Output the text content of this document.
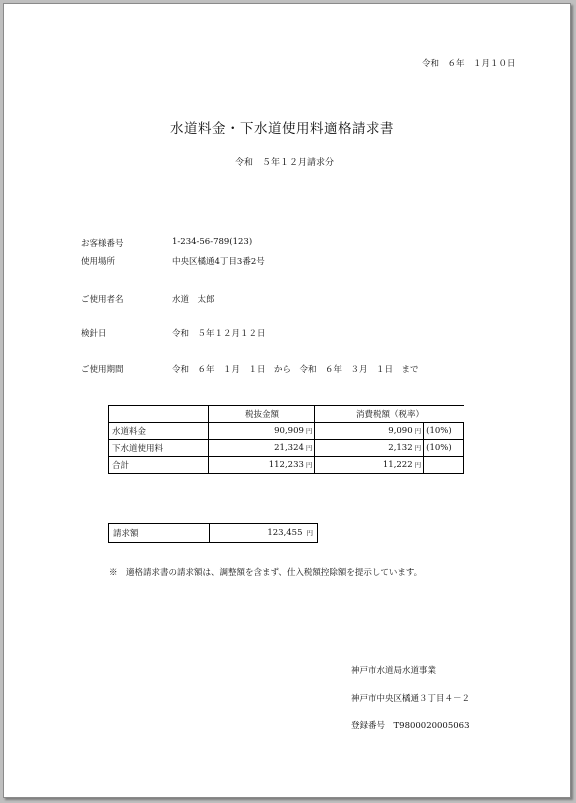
令和　６年　１月１０日
水道料金・下水道使用料適格請求書
令和　５年１２月請求分
お客様番号	1-234-56-789(123)
使用場所	中央区橘通4丁目3番2号
ご使用者名	水道　太郎
検針日	令和　５年１２月１２日
ご使用期間	令和　６年　１月　１日　から　令和　６年　３月　１日　まで
	税抜金額	消費税額（税率）	
水道料金	90,909 円	9,090 円	(10%)
下水道使用料	21,324 円	2,132 円	(10%)
合計	112,233 円	11,222 円	
請求額	123,455 円
※　適格請求書の請求額は、調整額を含まず、仕入税額控除額を提示しています。
神戸市水道局水道事業
神戸市中央区橘通３丁目４－２
登録番号　T9800020005063
